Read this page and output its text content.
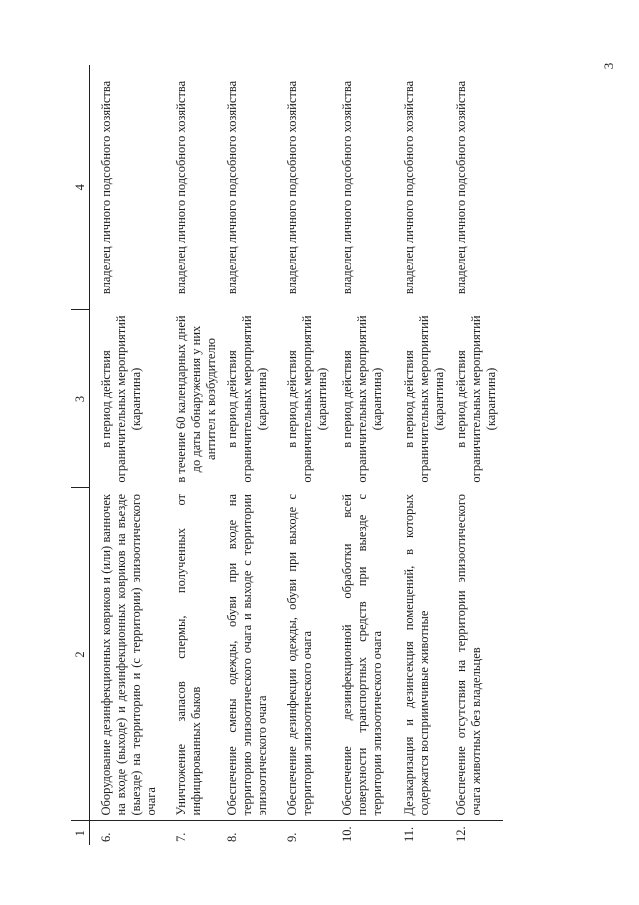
3
1	2	3	4

6.	Оборудование дезинфекционных ковриков и (или) ванночек на входе (выходе) и дезинфекционных ковриков на въезде (выезде) на территорию и (с территории) эпизоотического очага	в период действия ограничительных мероприятий (карантина)	владелец личного подсобного хозяйства

7.	Уничтожение запасов спермы, полученных от инфицированных быков	в течение 60 календарных дней до даты обнаружения у них антител к возбудителю	владелец личного подсобного хозяйства

8.	Обеспечение смены одежды, обуви при входе на территорию эпизоотического очага и выходе с территории эпизоотического очага	в период действия ограничительных мероприятий (карантина)	владелец личного подсобного хозяйства

9.	Обеспечение дезинфекции одежды, обуви при выходе с территории эпизоотического очага	в период действия ограничительных мероприятий (карантина)	владелец личного подсобного хозяйства

10.	Обеспечение дезинфекционной обработки всей поверхности транспортных средств при выезде с территории эпизоотического очага	в период действия ограничительных мероприятий (карантина)	владелец личного подсобного хозяйства

11.	Дезакаризация и дезинсекция помещений, в которых содержатся восприимчивые животные	в период действия ограничительных мероприятий (карантина)	владелец личного подсобного хозяйства

12.	Обеспечение отсутствия на территории эпизоотического очага животных без владельцев	в период действия ограничительных мероприятий (карантина)	владелец личного подсобного хозяйства
